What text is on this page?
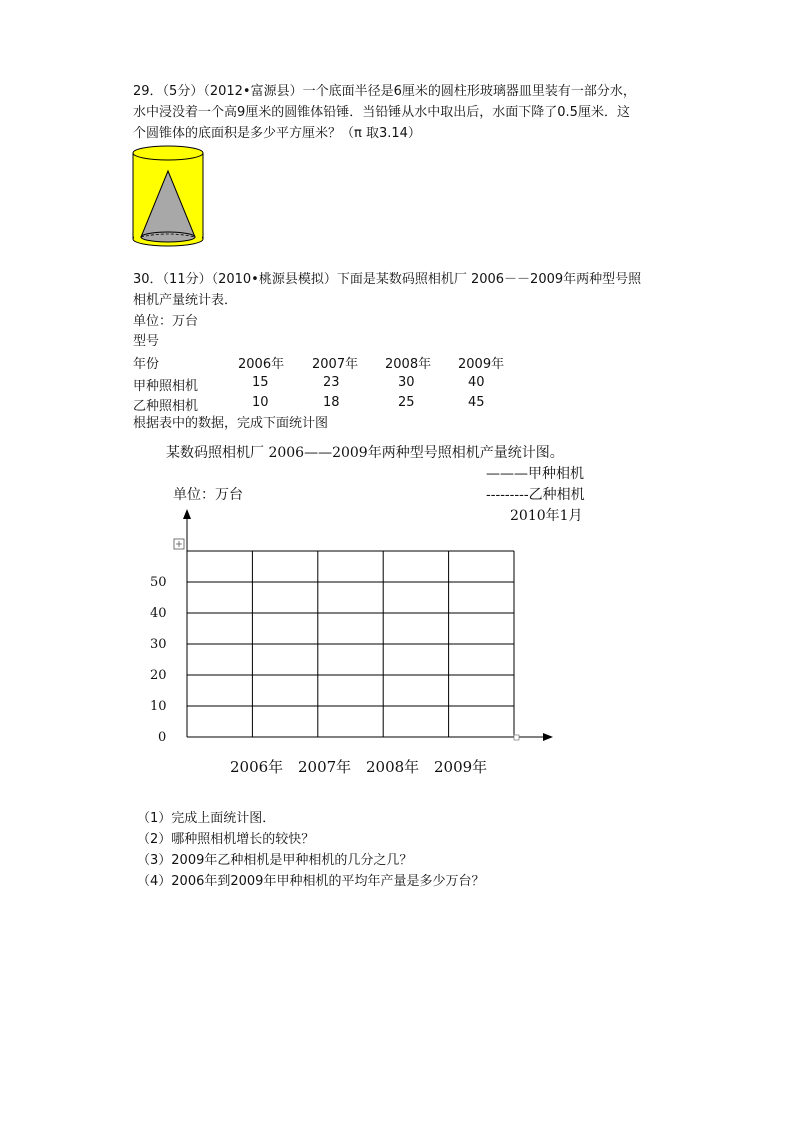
29．（5分）（2012•富源县）一个底面半径是6厘米的圆柱形玻璃器皿里装有一部分水，
水中浸没着一个高9厘米的圆锥体铅锤．当铅锤从水中取出后，水面下降了0.5厘米．这
个圆锥体的底面积是多少平方厘米？（π 取3.14）
30．（11分）（2010•桃源县模拟）下面是某数码照相机厂 2006－－2009年两种型号照
相机产量统计表．
单位：万台
型号
年份	2006年 2007年 2008年 2009年
甲种照相机	15	23	30	40
乙种照相机	10	18	25	45
根据表中的数据，完成下面统计图
某数码照相机厂 2006——2009年两种型号照相机产量统计图。
———甲种相机
单位：万台	---------乙种相机
2010年1月
50
40
30
20
10
0
2006年 2007年 2008年 2009年
（1）完成上面统计图．
（2）哪种照相机增长的较快？
（3）2009年乙种相机是甲种相机的几分之几？
（4）2006年到2009年甲种相机的平均年产量是多少万台？
